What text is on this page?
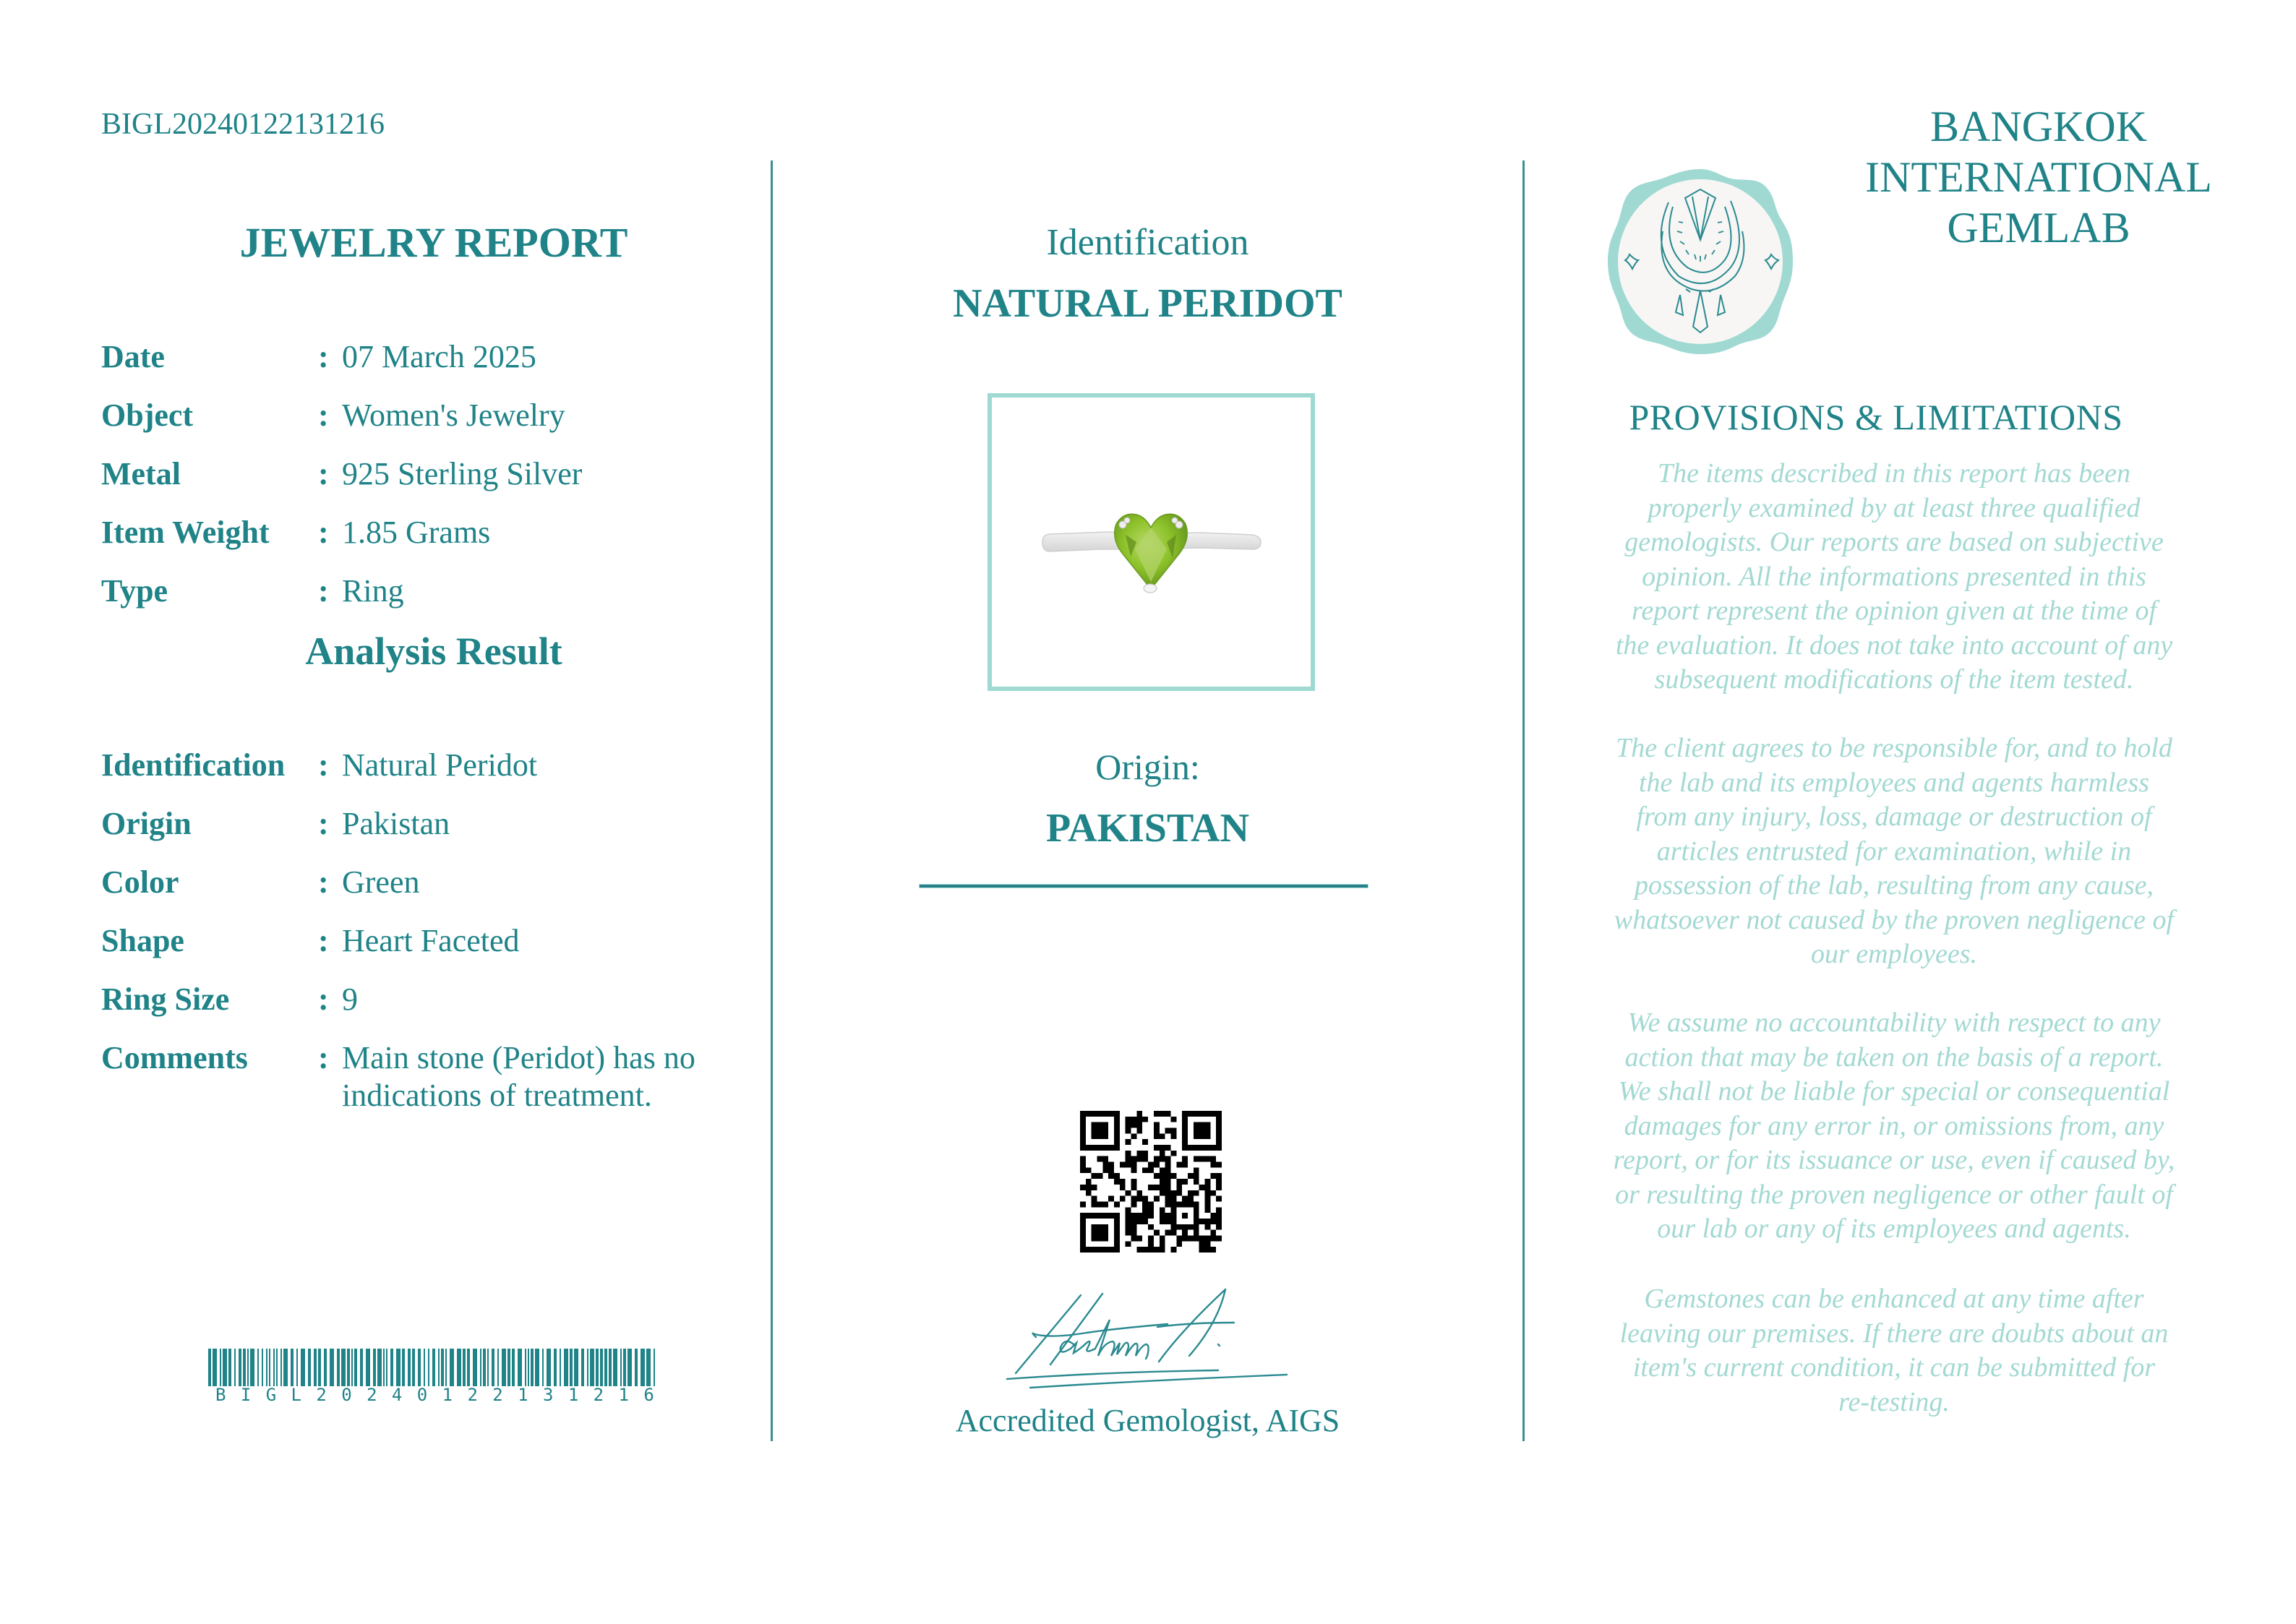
BIGL20240122131216
JEWELRY REPORT
Date	: 07 March 2025
Object	: Women's Jewelry
Metal	: 925 Sterling Silver
Item Weight : 1.85 Grams
Type	: Ring
Analysis Result
Identification : Natural Peridot
Origin	: Pakistan
Color	: Green
Shape	: Heart Faceted
Ring Size	: 9
Comments : Main stone (Peridot) has no indications of treatment.
B I G L 2 0 2 4 0 1 2 2 1 3 1 2 1 6
Identification
NATURAL PERIDOT
Origin:
PAKISTAN
Accredited Gemologist, AIGS
BANGKOK
INTERNATIONAL
GEMLAB
PROVISIONS & LIMITATIONS
The items described in this report has been
properly examined by at least three qualified
gemologists. Our reports are based on subjective
opinion. All the informations presented in this
report represent the opinion given at the time of
the evaluation. It does not take into account of any
subsequent modifications of the item tested.
The client agrees to be responsible for, and to hold
the lab and its employees and agents harmless
from any injury, loss, damage or destruction of
articles entrusted for examination, while in
possession of the lab, resulting from any cause,
whatsoever not caused by the proven negligence of
our employees.
We assume no accountability with respect to any
action that may be taken on the basis of a report.
We shall not be liable for special or consequential
damages for any error in, or omissions from, any
report, or for its issuance or use, even if caused by,
or resulting the proven negligence or other fault of
our lab or any of its employees and agents.
Gemstones can be enhanced at any time after
leaving our premises. If there are doubts about an
item's current condition, it can be submitted for
re-testing.
